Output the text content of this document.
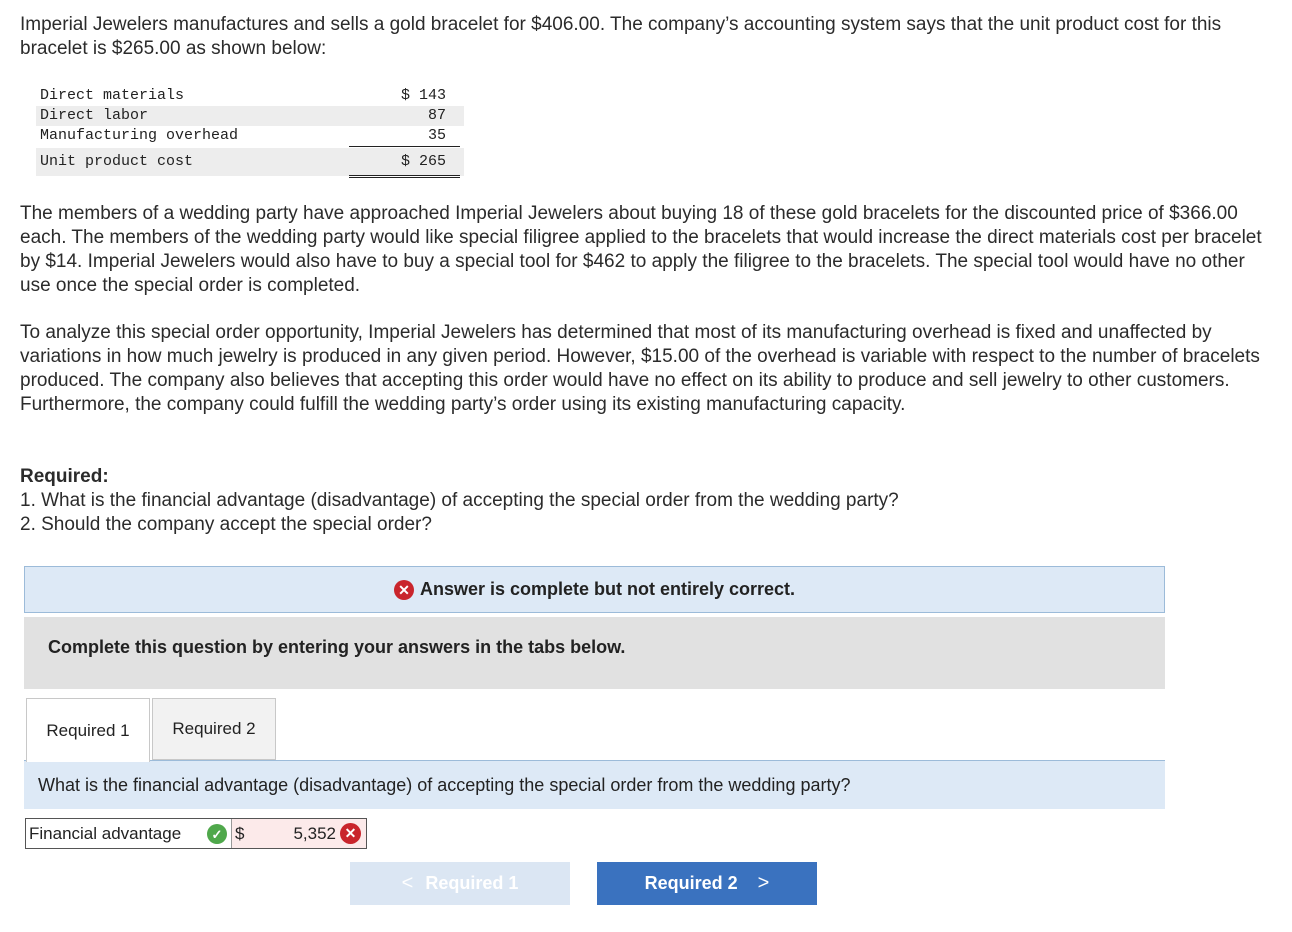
Imperial Jewelers manufactures and sells a gold bracelet for $406.00. The company’s accounting system says that the unit product cost for this bracelet is $265.00 as shown below:

Direct materials	$ 143
Direct labor	87
Manufacturing overhead	35
Unit product cost	$ 265

The members of a wedding party have approached Imperial Jewelers about buying 18 of these gold bracelets for the discounted price of $366.00 each. The members of the wedding party would like special filigree applied to the bracelets that would increase the direct materials cost per bracelet by $14. Imperial Jewelers would also have to buy a special tool for $462 to apply the filigree to the bracelets. The special tool would have no other use once the special order is completed.

To analyze this special order opportunity, Imperial Jewelers has determined that most of its manufacturing overhead is fixed and unaffected by variations in how much jewelry is produced in any given period. However, $15.00 of the overhead is variable with respect to the number of bracelets produced. The company also believes that accepting this order would have no effect on its ability to produce and sell jewelry to other customers. Furthermore, the company could fulfill the wedding party’s order using its existing manufacturing capacity.

Required:
1. What is the financial advantage (disadvantage) of accepting the special order from the wedding party?
2. Should the company accept the special order?
✕ Answer is complete but not entirely correct.
Complete this question by entering your answers in the tabs below.
Required 1	Required 2
What is the financial advantage (disadvantage) of accepting the special order from the wedding party?
Financial advantage	✓ $	5,352 ✕
< Required 1	Required 2 >
